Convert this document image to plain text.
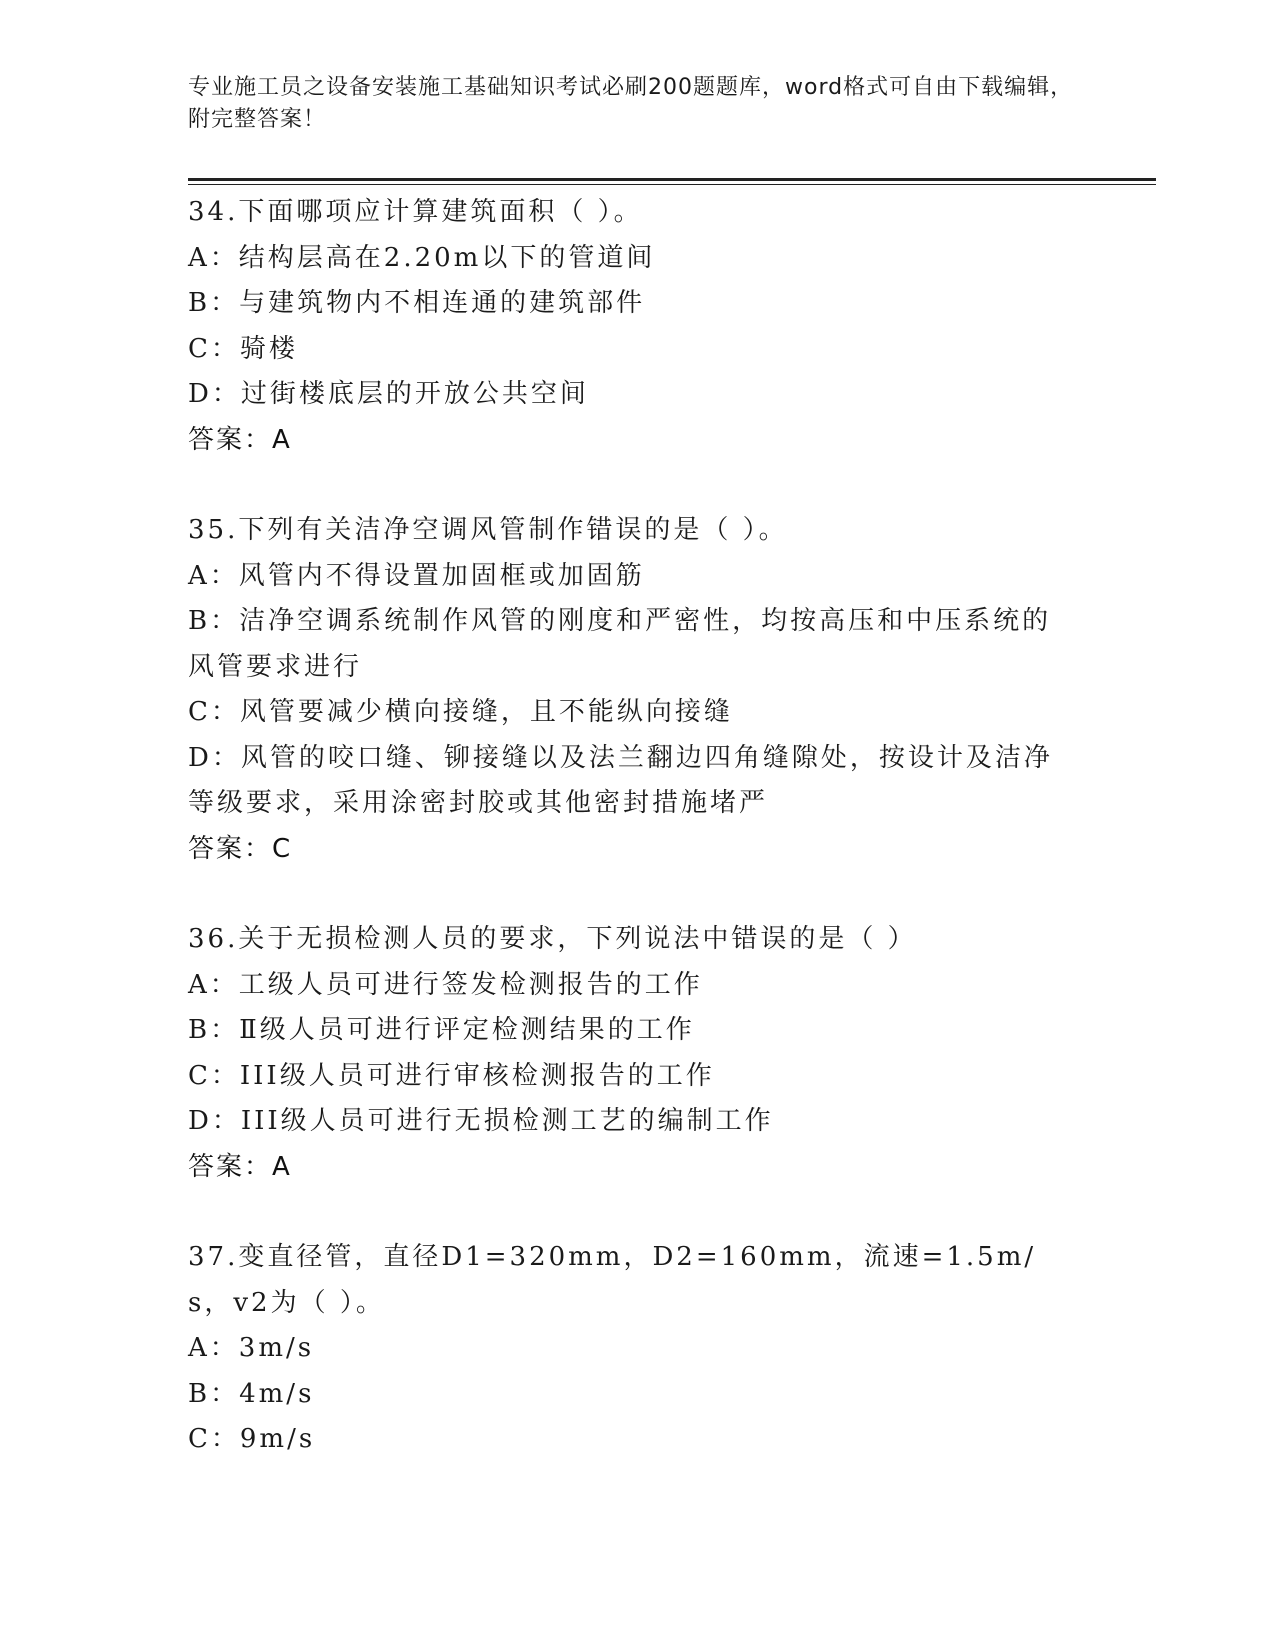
专业施工员之设备安装施工基础知识考试必刷200题题库，word格式可自由下载编辑，附完整答案！
34.下面哪项应计算建筑面积（ ）。
A：结构层高在2.20m以下的管道间
B：与建筑物内不相连通的建筑部件
C：骑楼
D：过街楼底层的开放公共空间
答案：A
35.下列有关洁净空调风管制作错误的是（ ）。
A：风管内不得设置加固框或加固筋
B：洁净空调系统制作风管的刚度和严密性，均按高压和中压系统的风管要求进行
C：风管要减少横向接缝，且不能纵向接缝
D：风管的咬口缝、铆接缝以及法兰翻边四角缝隙处，按设计及洁净等级要求，采用涂密封胶或其他密封措施堵严
答案：C
36.关于无损检测人员的要求，下列说法中错误的是（ ）
A：工级人员可进行签发检测报告的工作
B：Ⅱ级人员可进行评定检测结果的工作
C：III级人员可进行审核检测报告的工作
D：III级人员可进行无损检测工艺的编制工作
答案：A
37.变直径管，直径D1=320mm，D2=160mm，流速=1.5m/s，v2为（ ）。
A：3m/s
B：4m/s
C：9m/s
